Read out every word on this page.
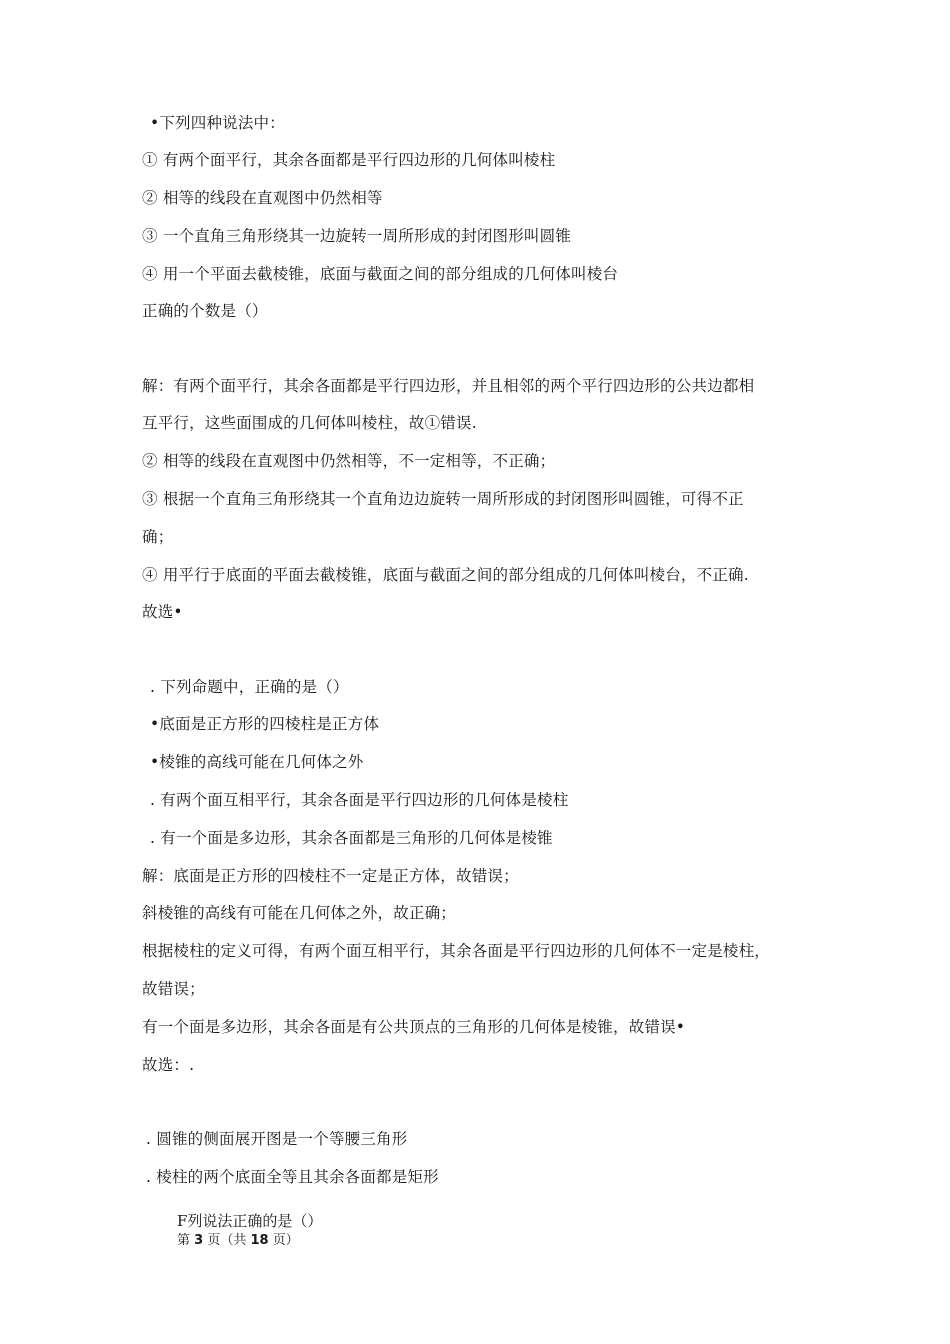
•下列四种说法中：
① 有两个面平行，其余各面都是平行四边形的几何体叫棱柱
② 相等的线段在直观图中仍然相等
③ 一个直角三角形绕其一边旋转一周所形成的封闭图形叫圆锥
④ 用一个平面去截棱锥，底面与截面之间的部分组成的几何体叫棱台
正确的个数是（）
解：有两个面平行，其余各面都是平行四边形，并且相邻的两个平行四边形的公共边都相
互平行，这些面围成的几何体叫棱柱，故①错误.
② 相等的线段在直观图中仍然相等，不一定相等，不正确；
③ 根据一个直角三角形绕其一个直角边边旋转一周所形成的封闭图形叫圆锥，可得不正
确；
④ 用平行于底面的平面去截棱锥，底面与截面之间的部分组成的几何体叫棱台，不正确.
故选•
. 下列命题中，正确的是（）
•底面是正方形的四棱柱是正方体
•棱锥的高线可能在几何体之外
. 有两个面互相平行，其余各面是平行四边形的几何体是棱柱
. 有一个面是多边形，其余各面都是三角形的几何体是棱锥
解：底面是正方形的四棱柱不一定是正方体，故错误；
斜棱锥的高线有可能在几何体之外，故正确；
根据棱柱的定义可得，有两个面互相平行，其余各面是平行四边形的几何体不一定是棱柱，
故错误；
有一个面是多边形，其余各面是有公共顶点的三角形的几何体是棱锥，故错误•
故选：.
. 圆锥的侧面展开图是一个等腰三角形
. 棱柱的两个底面全等且其余各面都是矩形
F列说法正确的是（）
第 3 页（共 18 页）
